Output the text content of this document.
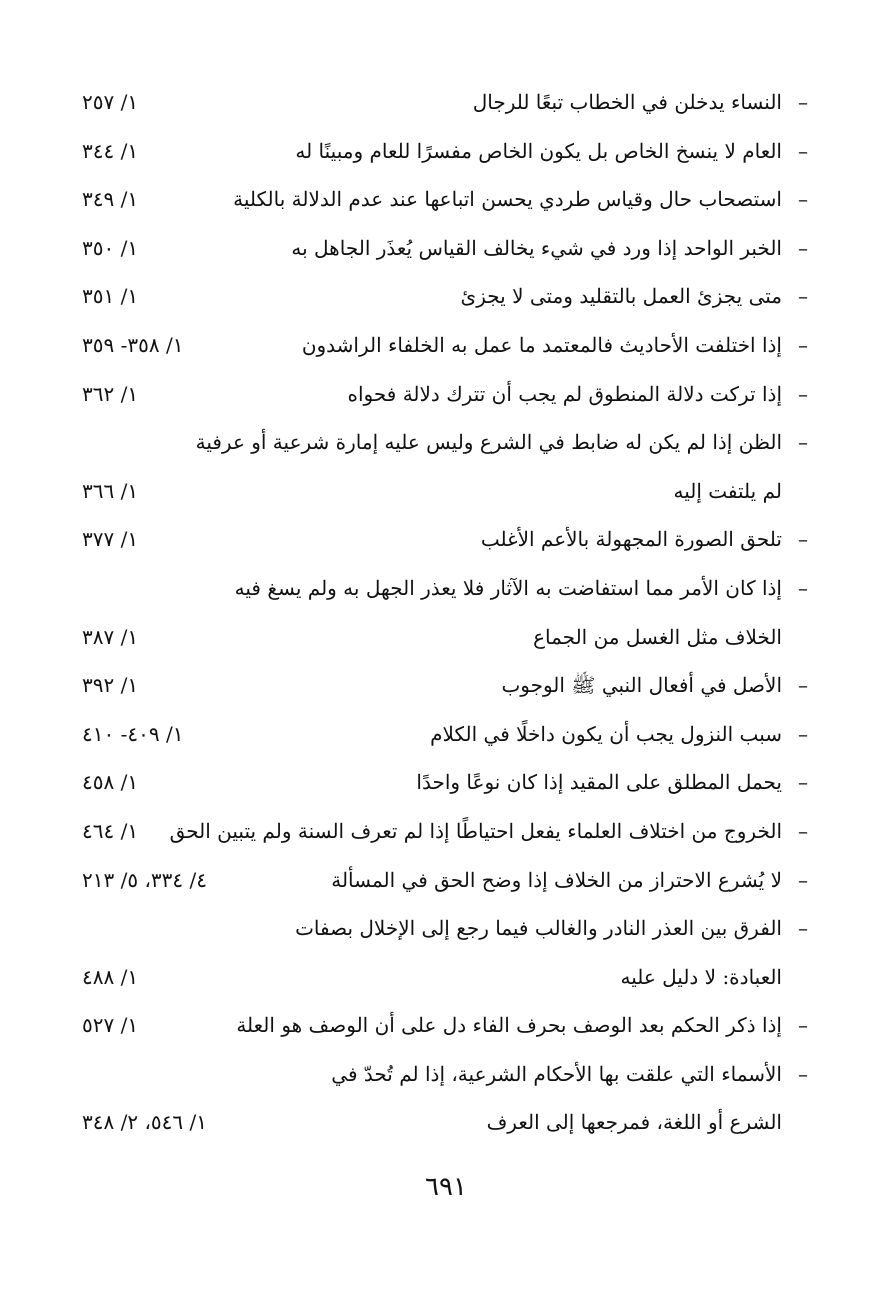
–
النساء يدخلن في الخطاب تبعًا للرجال
١/ ٢٥٧
–
العام لا ينسخ الخاص بل يكون الخاص مفسرًا للعام ومبينًا له
١/ ٣٤٤
–
استصحاب حال وقياس طردي يحسن اتباعها عند عدم الدلالة بالكلية
١/ ٣٤٩
–
الخبر الواحد إذا ورد في شيء يخالف القياس يُعذَر الجاهل به
١/ ٣٥٠
–
متى يجزئ العمل بالتقليد ومتى لا يجزئ
١/ ٣٥١
–
إذا اختلفت الأحاديث فالمعتمد ما عمل به الخلفاء الراشدون
١/ ٣٥٨- ٣٥٩
–
إذا تركت دلالة المنطوق لم يجب أن تترك دلالة فحواه
١/ ٣٦٢
–
الظن إذا لم يكن له ضابط في الشرع وليس عليه إمارة شرعية أو عرفية
لم يلتفت إليه
١/ ٣٦٦
–
تلحق الصورة المجهولة بالأعم الأغلب
١/ ٣٧٧
–
إذا كان الأمر مما استفاضت به الآثار فلا يعذر الجهل به ولم يسغ فيه
الخلاف مثل الغسل من الجماع
١/ ٣٨٧
–
الأصل في أفعال النبي ﷺ الوجوب
١/ ٣٩٢
–
سبب النزول يجب أن يكون داخلًا في الكلام
١/ ٤٠٩- ٤١٠
–
يحمل المطلق على المقيد إذا كان نوعًا واحدًا
١/ ٤٥٨
–
الخروج من اختلاف العلماء يفعل احتياطًا إذا لم تعرف السنة ولم يتبين الحق
١/ ٤٦٤
–
لا يُشرع الاحتراز من الخلاف إذا وضح الحق في المسألة
٤/ ٣٣٤، ٥/ ٢١٣
–
الفرق بين العذر النادر والغالب فيما رجع إلى الإخلال بصفات
العبادة: لا دليل عليه
١/ ٤٨٨
–
إذا ذكر الحكم بعد الوصف بحرف الفاء دل على أن الوصف هو العلة
١/ ٥٢٧
–
الأسماء التي علقت بها الأحكام الشرعية، إذا لم تُحدّ في
الشرع أو اللغة، فمرجعها إلى العرف
١/ ٥٤٦، ٢/ ٣٤٨
٦٩١
